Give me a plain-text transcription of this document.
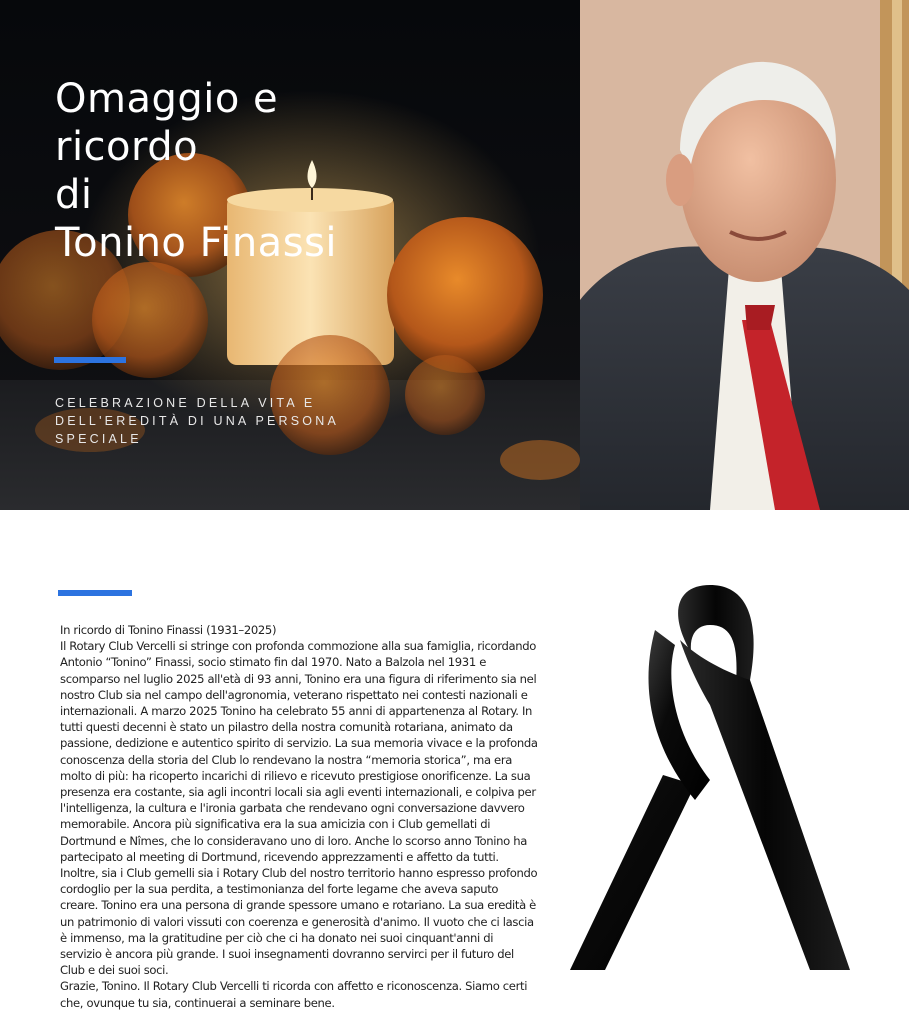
Omaggio e
ricordo
di
Tonino Finassi

CELEBRAZIONE DELLA VITA E DELL'EREDITÀ DI UNA PERSONA SPECIALE

In ricordo di Tonino Finassi (1931–2025)

Il Rotary Club Vercelli si stringe con profonda commozione alla sua famiglia, ricordando Antonio “Tonino” Finassi, socio stimato fin dal 1970. Nato a Balzola nel 1931 e scomparso nel luglio 2025 all'età di 93 anni, Tonino era una figura di riferimento sia nel nostro Club sia nel campo dell'agronomia, veterano rispettato nei contesti nazionali e internazionali. A marzo 2025 Tonino ha celebrato 55 anni di appartenenza al Rotary. In tutti questi decenni è stato un pilastro della nostra comunità rotariana, animato da passione, dedizione e autentico spirito di servizio. La sua memoria vivace e la profonda conoscenza della storia del Club lo rendevano la nostra “memoria storica”, ma era molto di più: ha ricoperto incarichi di rilievo e ricevuto prestigiose onorificenze. La sua presenza era costante, sia agli incontri locali sia agli eventi internazionali, e colpiva per l'intelligenza, la cultura e l'ironia garbata che rendevano ogni conversazione davvero memorabile. Ancora più significativa era la sua amicizia con i Club gemellati di Dortmund e Nîmes, che lo consideravano uno di loro. Anche lo scorso anno Tonino ha partecipato al meeting di Dortmund, ricevendo apprezzamenti e affetto da tutti. Inoltre, sia i Club gemelli sia i Rotary Club del nostro territorio hanno espresso profondo cordoglio per la sua perdita, a testimonianza del forte legame che aveva saputo creare. Tonino era una persona di grande spessore umano e rotariano. La sua eredità è un patrimonio di valori vissuti con coerenza e generosità d'animo. Il vuoto che ci lascia è immenso, ma la gratitudine per ciò che ci ha donato nei suoi cinquant'anni di servizio è ancora più grande. I suoi insegnamenti dovranno servirci per il futuro del Club e dei suoi soci.

Grazie, Tonino. Il Rotary Club Vercelli ti ricorda con affetto e riconoscenza. Siamo certi che, ovunque tu sia, continuerai a seminare bene.
